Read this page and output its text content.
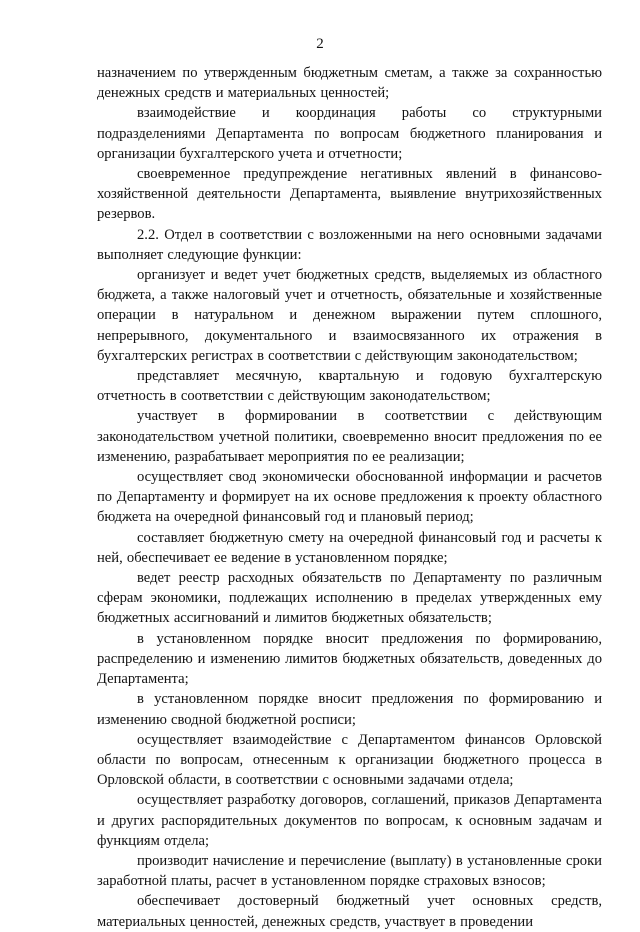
2

назначением по утвержденным бюджетным сметам, а также за сохранностью денежных средств и материальных ценностей;

взаимодействие и координация работы со структурными подразделениями Департамента по вопросам бюджетного планирования и организации бухгалтерского учета и отчетности;

своевременное предупреждение негативных явлений в финансово-хозяйственной деятельности Департамента, выявление внутрихозяйственных резервов.

2.2. Отдел в соответствии с возложенными на него основными задачами выполняет следующие функции:

организует и ведет учет бюджетных средств, выделяемых из областного бюджета, а также налоговый учет и отчетность, обязательные и хозяйственные операции в натуральном и денежном выражении путем сплошного, непрерывного, документального и взаимосвязанного их отражения в бухгалтерских регистрах в соответствии с действующим законодательством;

представляет месячную, квартальную и годовую бухгалтерскую отчетность в соответствии с действующим законодательством;

участвует в формировании в соответствии с действующим законодательством учетной политики, своевременно вносит предложения по ее изменению, разрабатывает мероприятия по ее реализации;

осуществляет свод экономически обоснованной информации и расчетов по Департаменту и формирует на их основе предложения к проекту областного бюджета на очередной финансовый год и плановый период;

составляет бюджетную смету на очередной финансовый год и расчеты к ней, обеспечивает ее ведение в установленном порядке;

ведет реестр расходных обязательств по Департаменту по различным сферам экономики, подлежащих исполнению в пределах утвержденных ему бюджетных ассигнований и лимитов бюджетных обязательств;

в установленном порядке вносит предложения по формированию, распределению и изменению лимитов бюджетных обязательств, доведенных до Департамента;

в установленном порядке вносит предложения по формированию и изменению сводной бюджетной росписи;

осуществляет взаимодействие с Департаментом финансов Орловской области по вопросам, отнесенным к организации бюджетного процесса в Орловской области, в соответствии с основными задачами отдела;

осуществляет разработку договоров, соглашений, приказов Департамента и других распорядительных документов по вопросам, к основным задачам и функциям отдела;

производит начисление и перечисление (выплату) в установленные сроки заработной платы, расчет в установленном порядке страховых взносов;

обеспечивает достоверный бюджетный учет основных средств, материальных ценностей, денежных средств, участвует в проведении
